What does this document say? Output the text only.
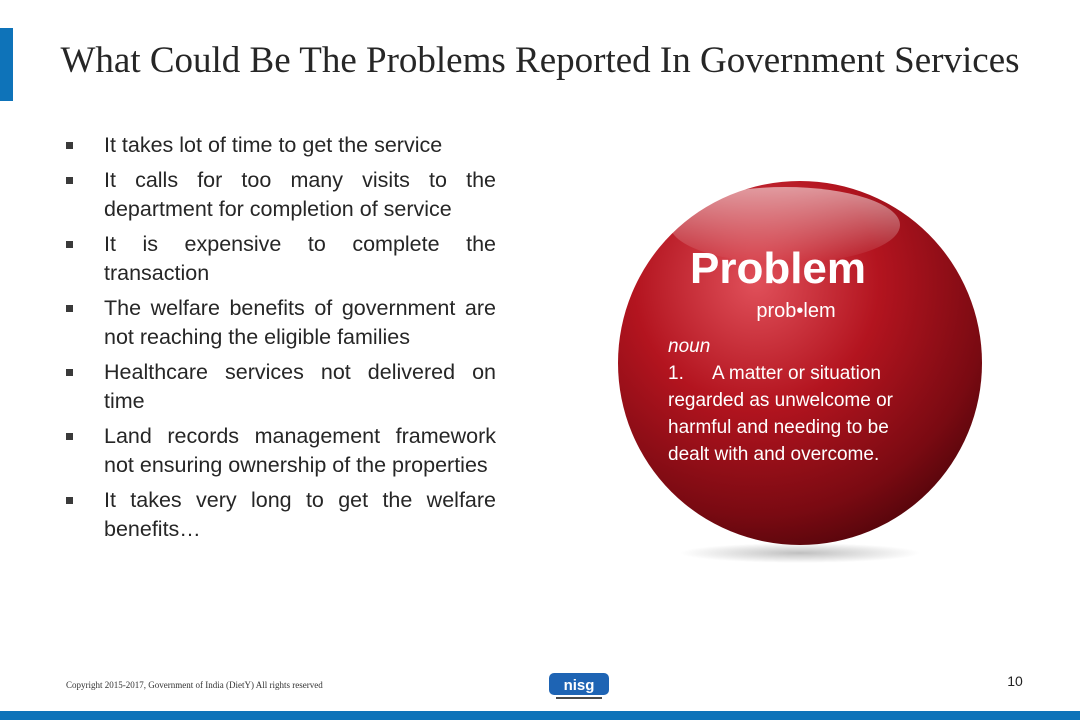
What Could Be The Problems Reported In Government Services
It takes lot of time to get the service
It calls for too many visits to the department for completion of service
It is expensive to complete the transaction
The welfare benefits of government are not reaching the eligible families
Healthcare services not delivered on time
Land records management framework not ensuring ownership of the properties
It takes very long to get the welfare benefits…
Problem
prob•lem
noun
1. A matter or situation
regarded as unwelcome or
harmful and needing to be
dealt with and overcome.
Copyright 2015-2017, Government of India (DietY) All rights reserved	nisg	10
